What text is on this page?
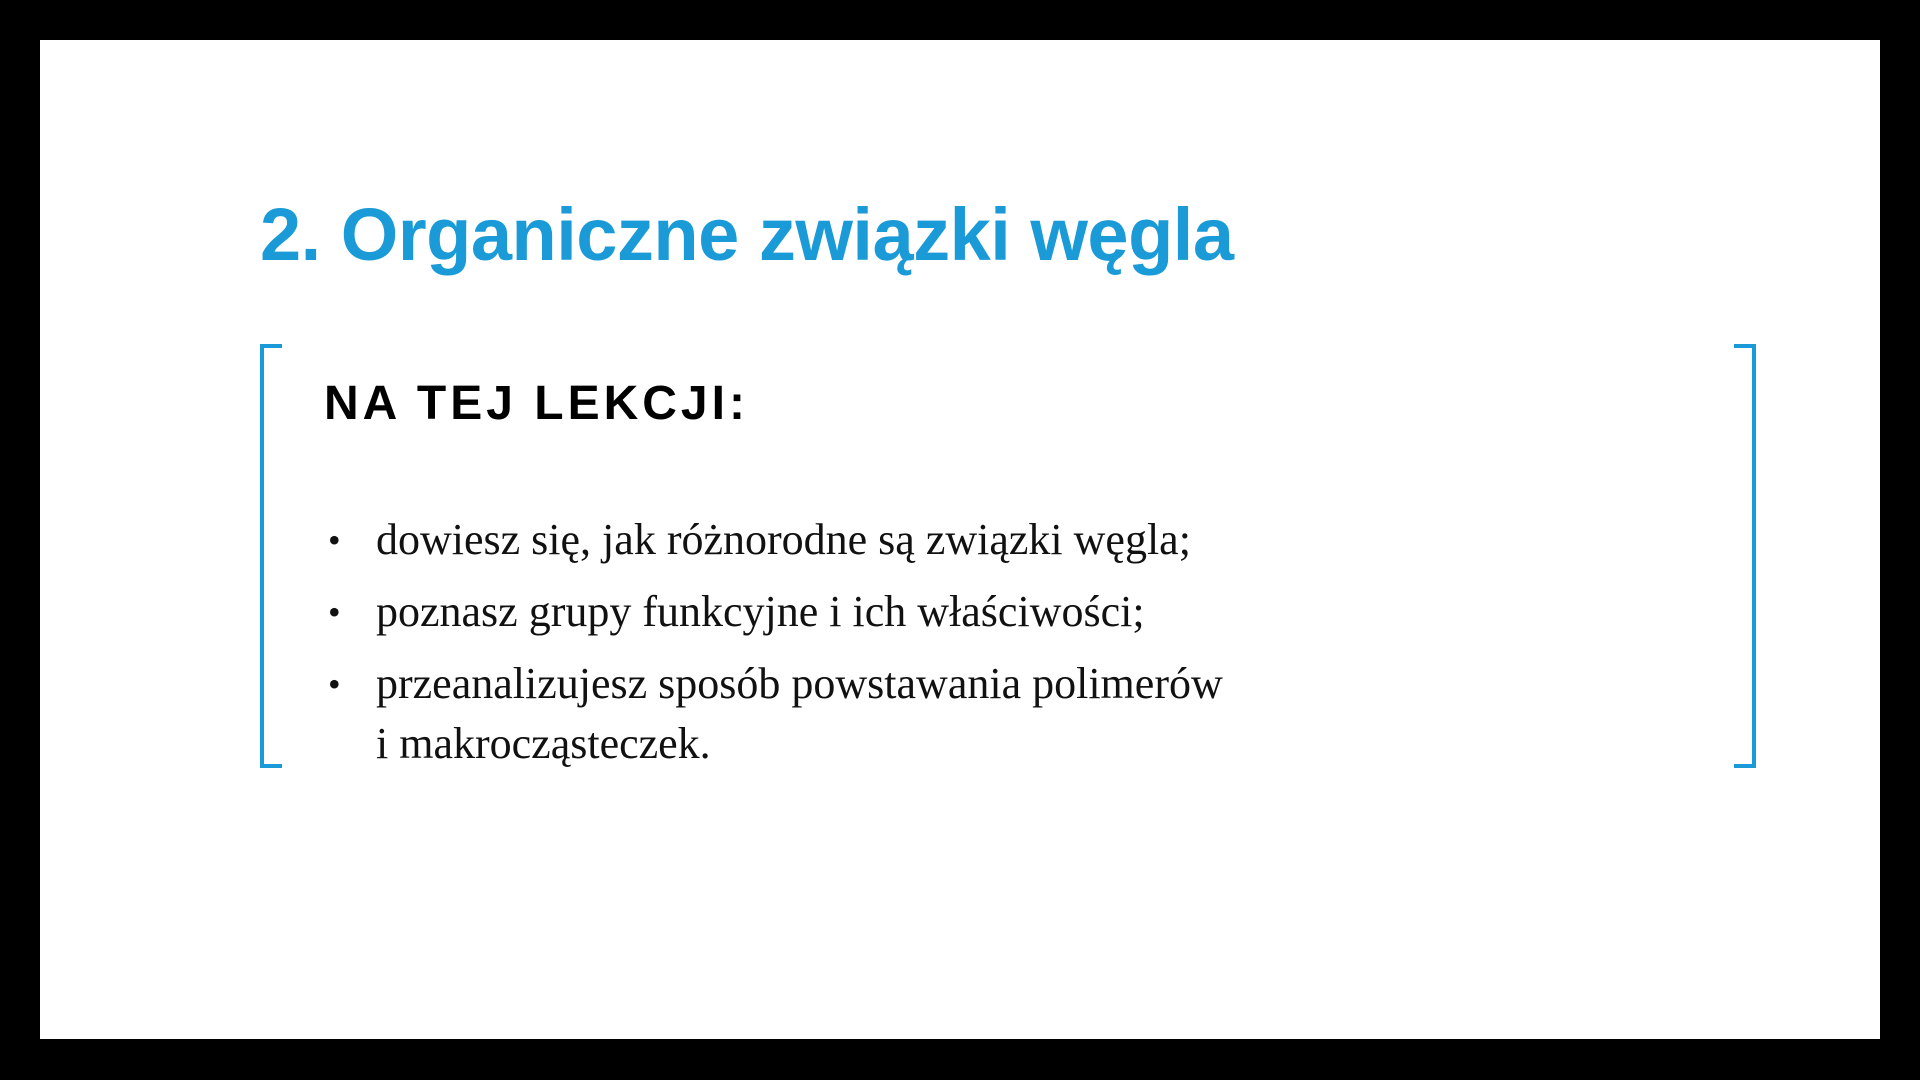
2. Organiczne związki węgla
NA TEJ LEKCJI:
• dowiesz się, jak różnorodne są związki węgla;
• poznasz grupy funkcyjne i ich właściwości;
• przeanalizujesz sposób powstawania polimerów
i makrocząsteczek.
